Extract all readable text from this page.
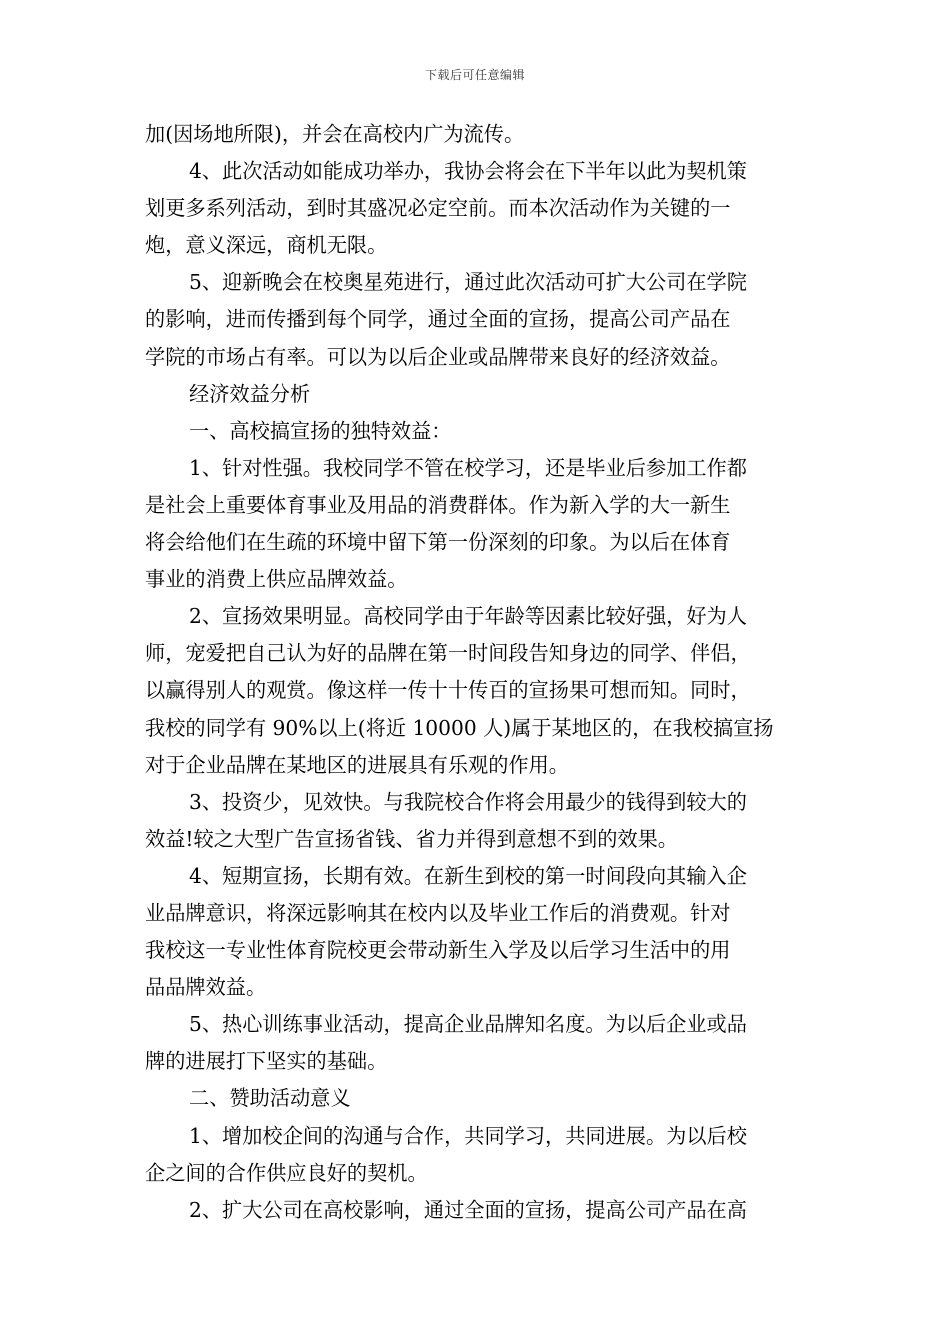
下载后可任意编辑
加(因场地所限)，并会在高校内广为流传。
4、此次活动如能成功举办，我协会将会在下半年以此为契机策
划更多系列活动，到时其盛况必定空前。而本次活动作为关键的一
炮，意义深远，商机无限。
5、迎新晚会在校奥星苑进行，通过此次活动可扩大公司在学院
的影响，进而传播到每个同学，通过全面的宣扬，提高公司产品在
学院的市场占有率。可以为以后企业或品牌带来良好的经济效益。
经济效益分析
一、高校搞宣扬的独特效益：
1、针对性强。我校同学不管在校学习，还是毕业后参加工作都
是社会上重要体育事业及用品的消费群体。作为新入学的大一新生
将会给他们在生疏的环境中留下第一份深刻的印象。为以后在体育
事业的消费上供应品牌效益。
2、宣扬效果明显。高校同学由于年龄等因素比较好强，好为人
师，宠爱把自己认为好的品牌在第一时间段告知身边的同学、伴侣，
以赢得别人的观赏。像这样一传十十传百的宣扬果可想而知。同时，
我校的同学有 90%以上(将近 10000 人)属于某地区的，在我校搞宣扬
对于企业品牌在某地区的进展具有乐观的作用。
3、投资少，见效快。与我院校合作将会用最少的钱得到较大的
效益!较之大型广告宣扬省钱、省力并得到意想不到的效果。
4、短期宣扬，长期有效。在新生到校的第一时间段向其输入企
业品牌意识，将深远影响其在校内以及毕业工作后的消费观。针对
我校这一专业性体育院校更会带动新生入学及以后学习生活中的用
品品牌效益。
5、热心训练事业活动，提高企业品牌知名度。为以后企业或品
牌的进展打下坚实的基础。
二、赞助活动意义
1、增加校企间的沟通与合作，共同学习，共同进展。为以后校
企之间的合作供应良好的契机。
2、扩大公司在高校影响，通过全面的宣扬，提高公司产品在高
